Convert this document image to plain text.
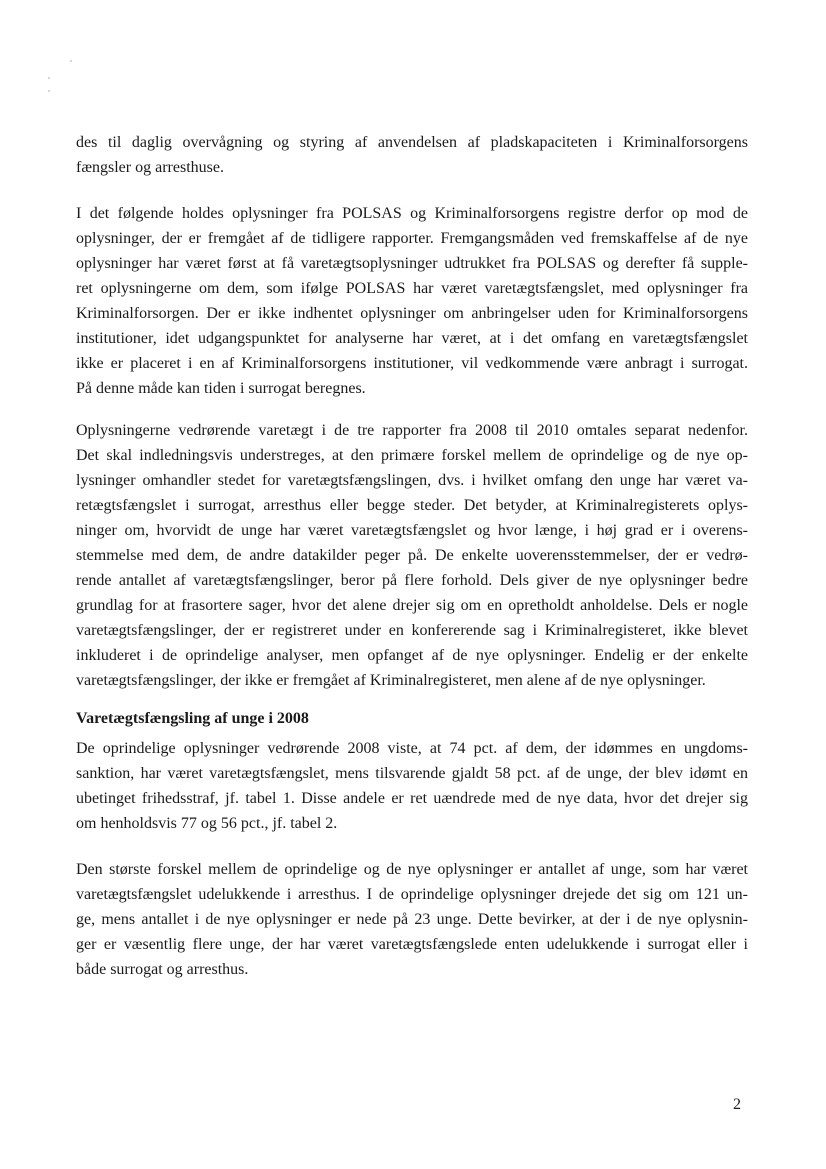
des til daglig overvågning og styring af anvendelsen af pladskapaciteten i Kriminalforsorgens
fængsler og arresthuse.
I det følgende holdes oplysninger fra POLSAS og Kriminalforsorgens registre derfor op mod de
oplysninger, der er fremgået af de tidligere rapporter. Fremgangsmåden ved fremskaffelse af de nye
oplysninger har været først at få varetægtsoplysninger udtrukket fra POLSAS og derefter få supple-
ret oplysningerne om dem, som ifølge POLSAS har været varetægtsfængslet, med oplysninger fra
Kriminalforsorgen. Der er ikke indhentet oplysninger om anbringelser uden for Kriminalforsorgens
institutioner, idet udgangspunktet for analyserne har været, at i det omfang en varetægtsfængslet
ikke er placeret i en af Kriminalforsorgens institutioner, vil vedkommende være anbragt i surrogat.
På denne måde kan tiden i surrogat beregnes.
Oplysningerne vedrørende varetægt i de tre rapporter fra 2008 til 2010 omtales separat nedenfor.
Det skal indledningsvis understreges, at den primære forskel mellem de oprindelige og de nye op-
lysninger omhandler stedet for varetægtsfængslingen, dvs. i hvilket omfang den unge har været va-
retægtsfængslet i surrogat, arresthus eller begge steder. Det betyder, at Kriminalregisterets oplys-
ninger om, hvorvidt de unge har været varetægtsfængslet og hvor længe, i høj grad er i overens-
stemmelse med dem, de andre datakilder peger på. De enkelte uoverensstemmelser, der er vedrø-
rende antallet af varetægtsfængslinger, beror på flere forhold. Dels giver de nye oplysninger bedre
grundlag for at frasortere sager, hvor det alene drejer sig om en opretholdt anholdelse. Dels er nogle
varetægtsfængslinger, der er registreret under en konfererende sag i Kriminalregisteret, ikke blevet
inkluderet i de oprindelige analyser, men opfanget af de nye oplysninger. Endelig er der enkelte
varetægtsfængslinger, der ikke er fremgået af Kriminalregisteret, men alene af de nye oplysninger.
Varetægtsfængsling af unge i 2008
De oprindelige oplysninger vedrørende 2008 viste, at 74 pct. af dem, der idømmes en ungdoms-
sanktion, har været varetægtsfængslet, mens tilsvarende gjaldt 58 pct. af de unge, der blev idømt en
ubetinget frihedsstraf, jf. tabel 1. Disse andele er ret uændrede med de nye data, hvor det drejer sig
om henholdsvis 77 og 56 pct., jf. tabel 2.
Den største forskel mellem de oprindelige og de nye oplysninger er antallet af unge, som har været
varetægtsfængslet udelukkende i arresthus. I de oprindelige oplysninger drejede det sig om 121 un-
ge, mens antallet i de nye oplysninger er nede på 23 unge. Dette bevirker, at der i de nye oplysnin-
ger er væsentlig flere unge, der har været varetægtsfængslede enten udelukkende i surrogat eller i
både surrogat og arresthus.
2
